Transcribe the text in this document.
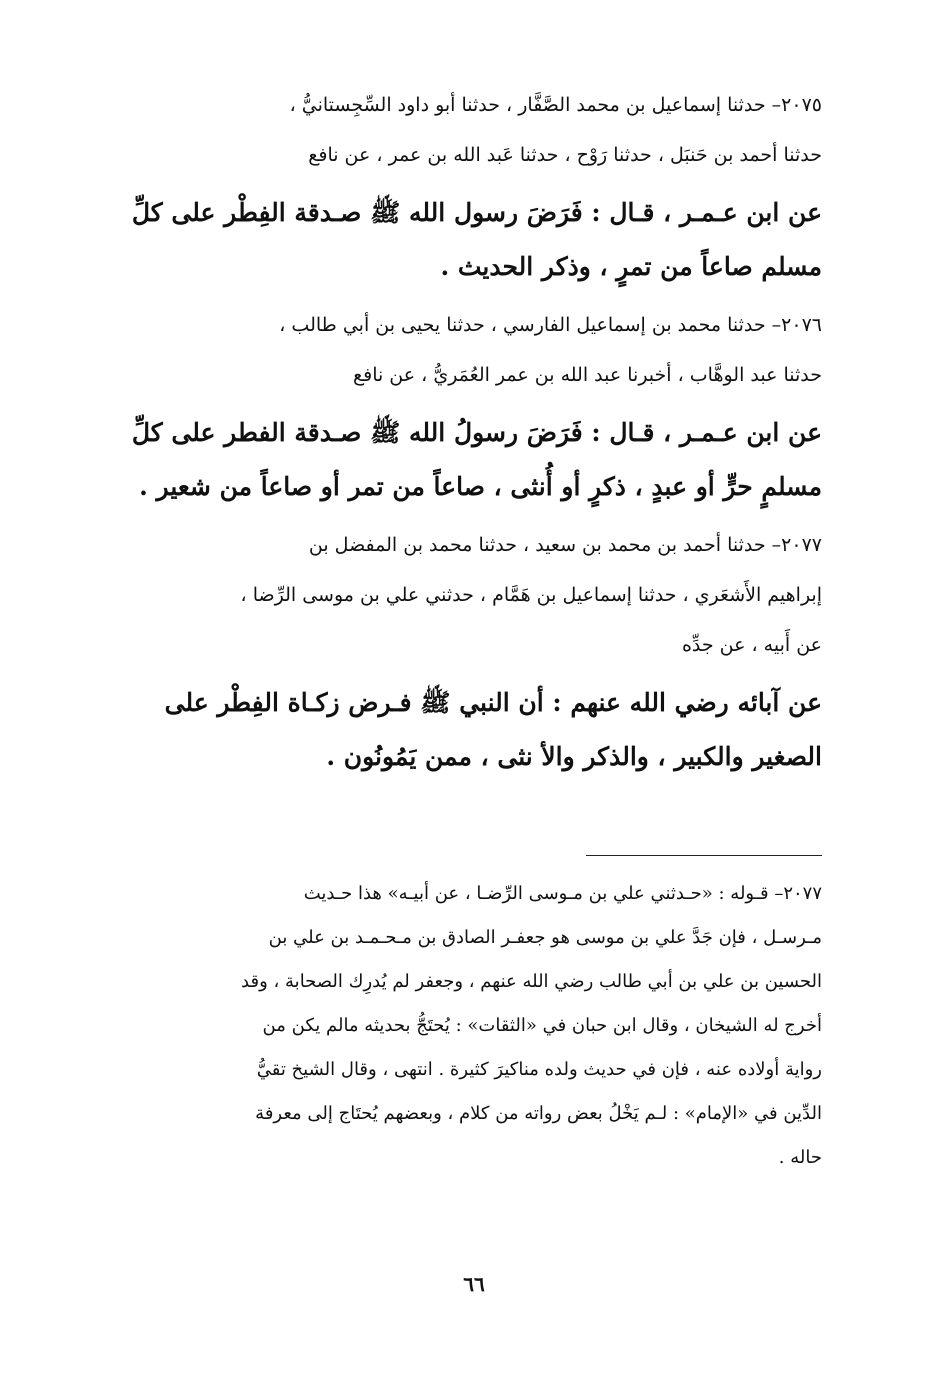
٢٠٧٥– حدثنا إسماعيل بن محمد الصَّفَّار ، حدثنا أبو داود السِّجِستانيُّ ،

حدثنا أحمد بن حَنبَل ، حدثنا رَوْح ، حدثنا عَبد الله بن عمر ، عن نافع

عن ابن عـمـر ، قـال : فَرَضَ رسول الله ﷺ صـدقة الفِطْر على كلِّ

مسلم صاعاً من تمرٍ ، وذكر الحديث .

٢٠٧٦– حدثنا محمد بن إسماعيل الفارسي ، حدثنا يحيى بن أبي طالب ،

حدثنا عبد الوهَّاب ، أخبرنا عبد الله بن عمر العُمَريُّ ، عن نافع

عن ابن عـمـر ، قـال : فَرَضَ رسولُ الله ﷺ صـدقة الفطر على كلِّ

مسلمٍ حرٍّ أو عبدٍ ، ذكرٍ أو أُنثى ، صاعاً من تمر أو صاعاً من شعير .

٢٠٧٧– حدثنا أحمد بن محمد بن سعيد ، حدثنا محمد بن المفضل بن

إبراهيم الأَشعَري ، حدثنا إسماعيل بن هَمَّام ، حدثني علي بن موسى الرِّضا ،

عن أَبيه ، عن جدِّه

عن آبائه رضي الله عنهم : أن النبي ﷺ فـرض زكـاة الفِطْر على

الصغير والكبير ، والذكر والأ نثى ، ممن يَمُونُون .

٢٠٧٧– قـوله : «حـدثني علي بن مـوسى الرِّضـا ، عن أبيـه» هذا حـديث

مـرسـل ، فإن جَدَّ علي بن موسى هو جعفـر الصادق بن مـحـمـد بن علي بن

الحسين بن علي بن أبي طالب رضي الله عنهم ، وجعفر لم يُدرِك الصحابة ، وقد

أخرج له الشيخان ، وقال ابن حبان في «الثقات» : يُحتَجُّ بحديثه مالم يكن من

رواية أولاده عنه ، فإن في حديث ولده مناكيرَ كثيرة . انتهى ، وقال الشيخ تقيُّ

الدِّين في «الإمام» : لـم يَخْلُ بعض رواته من كلام ، وبعضهم يُحتَاج إلى معرفة

حاله .

٦٦
